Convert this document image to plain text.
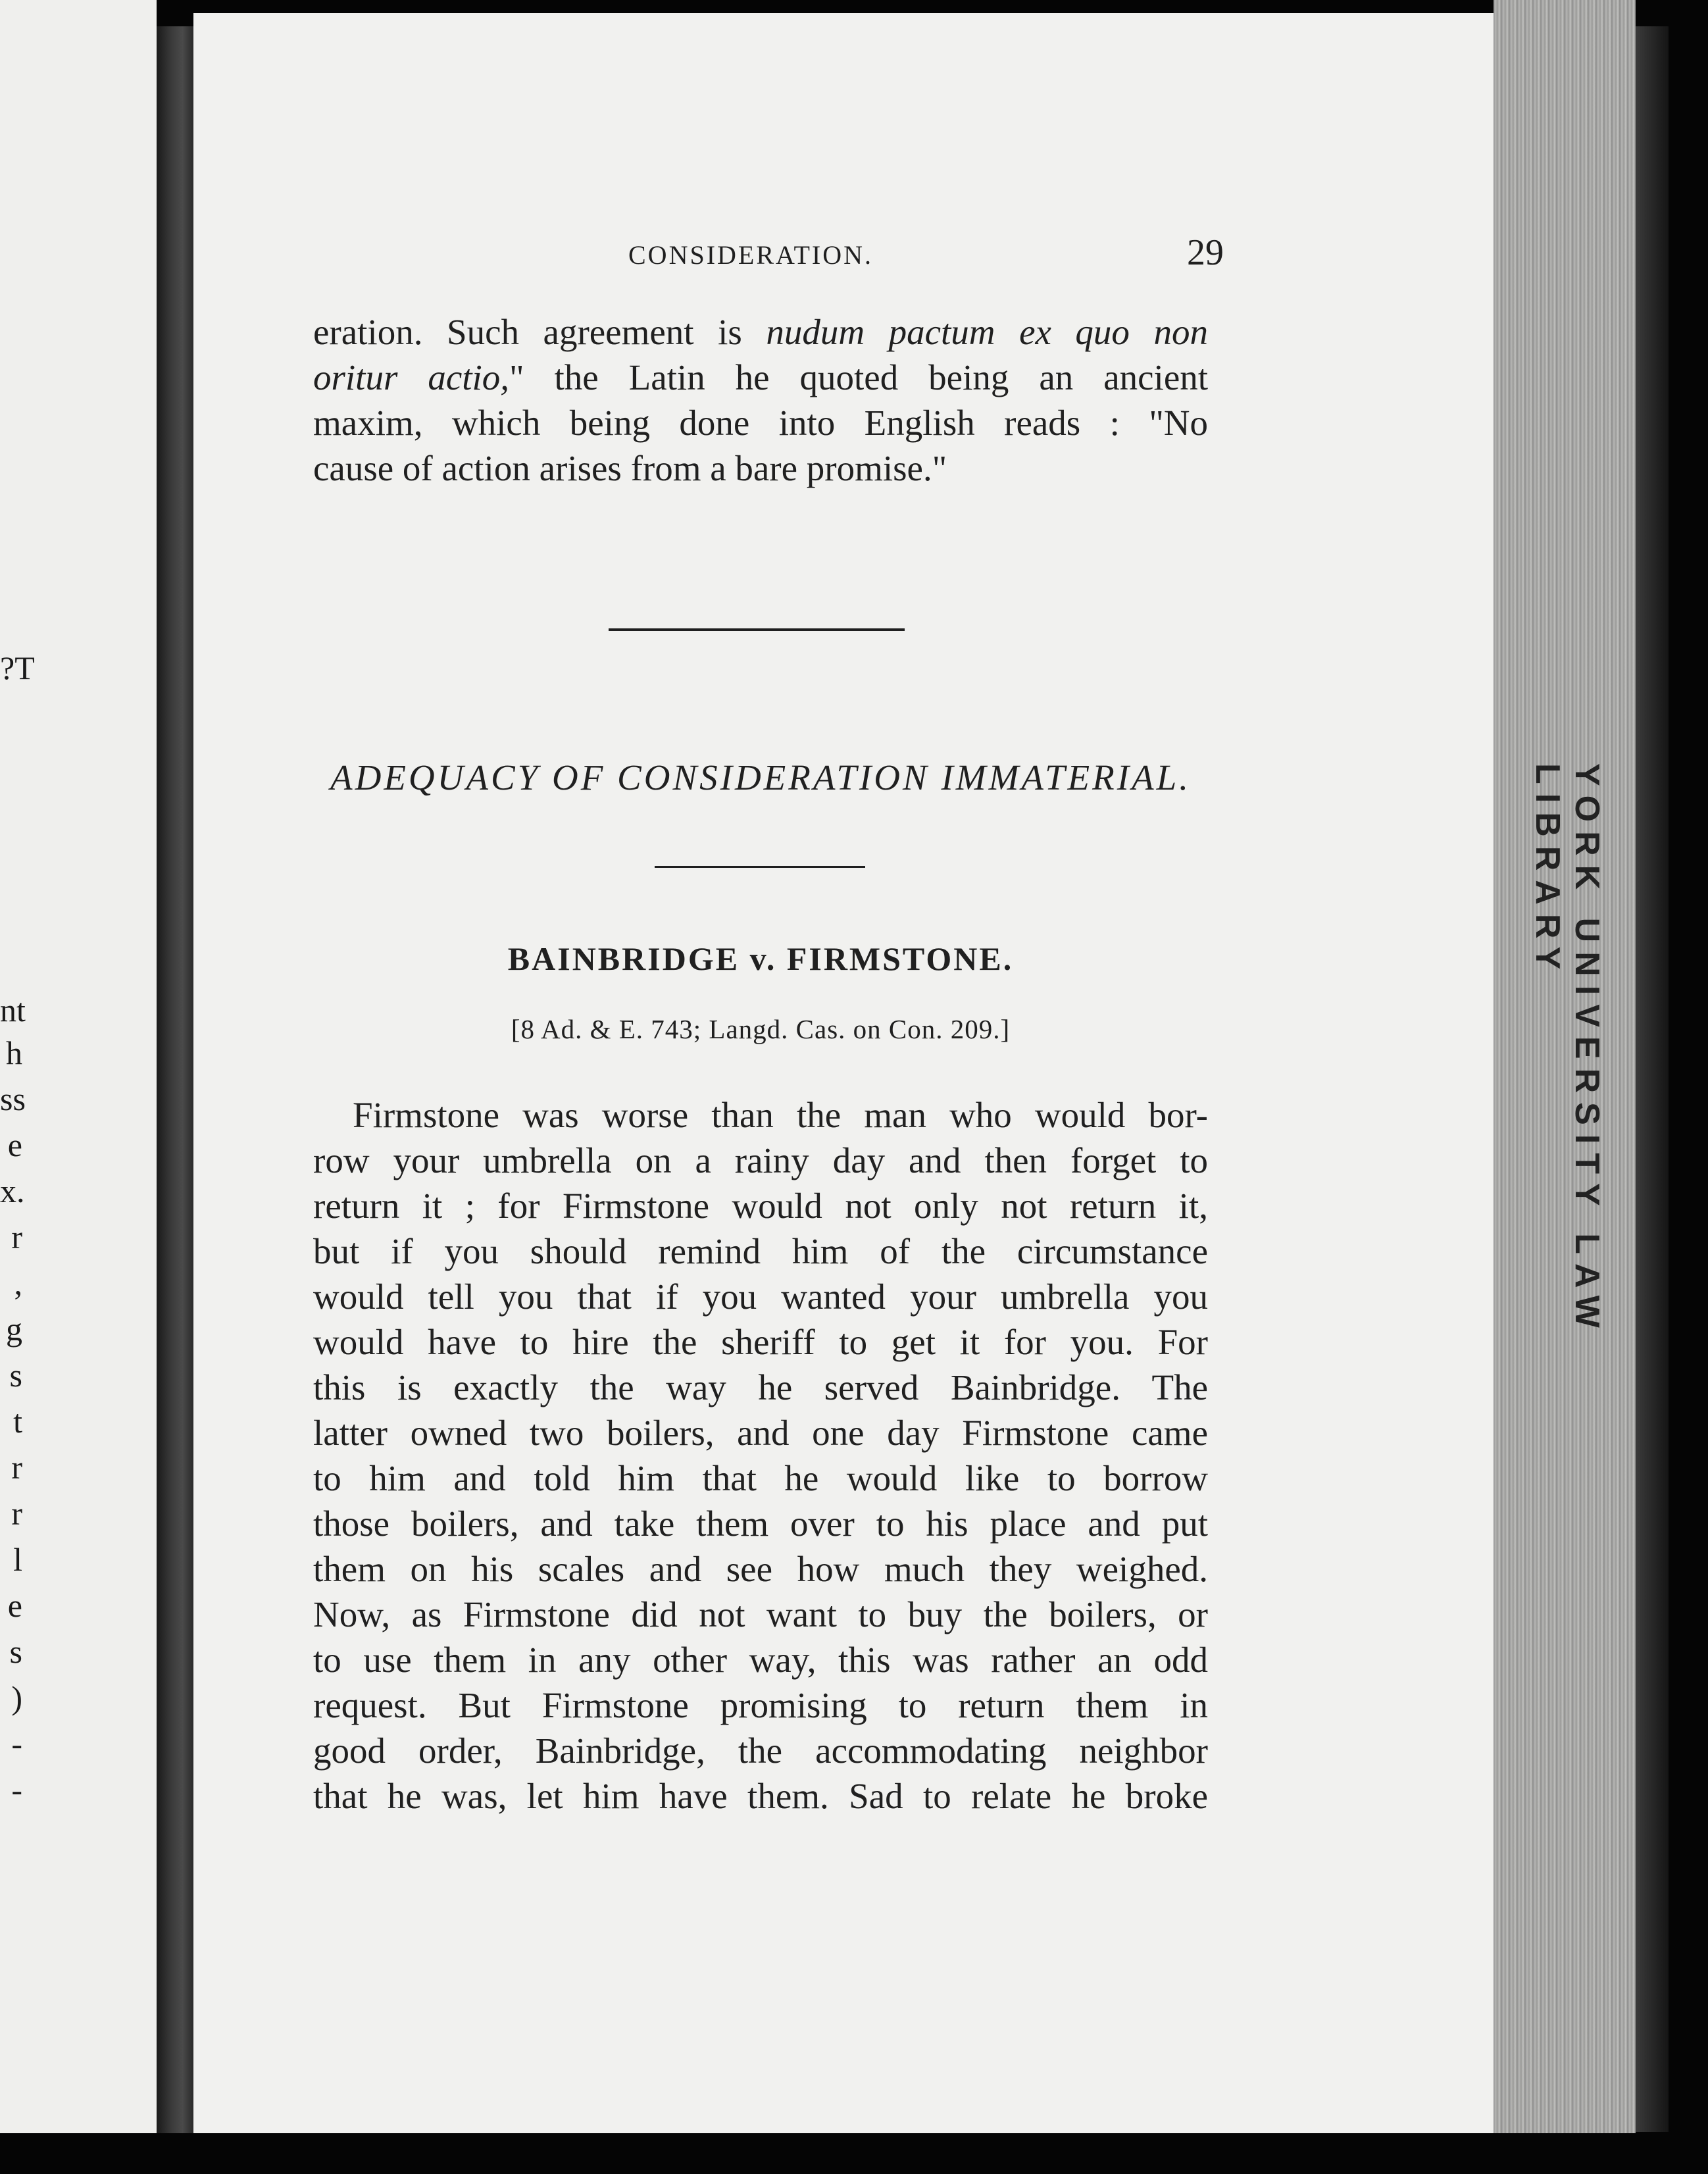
?T
nt
h
ss
e
x.
r
,
g
s
t
r
r
l
e
s
)
-
-
YORK UNIVERSITY LAW LIBRARY
CONSIDERATION.	29
eration. Such agreement is nudum pactum ex quo non
oritur actio," the Latin he quoted being an ancient
maxim, which being done into English reads : "No
cause of action arises from a bare promise."
ADEQUACY OF CONSIDERATION IMMATERIAL.
BAINBRIDGE v. FIRMSTONE.
[8 Ad. & E. 743; Langd. Cas. on Con. 209.]
Firmstone was worse than the man who would bor-
row your umbrella on a rainy day and then forget to
return it ; for Firmstone would not only not return it,
but if you should remind him of the circumstance
would tell you that if you wanted your umbrella you
would have to hire the sheriff to get it for you. For
this is exactly the way he served Bainbridge. The
latter owned two boilers, and one day Firmstone came
to him and told him that he would like to borrow
those boilers, and take them over to his place and put
them on his scales and see how much they weighed.
Now, as Firmstone did not want to buy the boilers, or
to use them in any other way, this was rather an odd
request. But Firmstone promising to return them in
good order, Bainbridge, the accommodating neighbor
that he was, let him have them. Sad to relate he broke
